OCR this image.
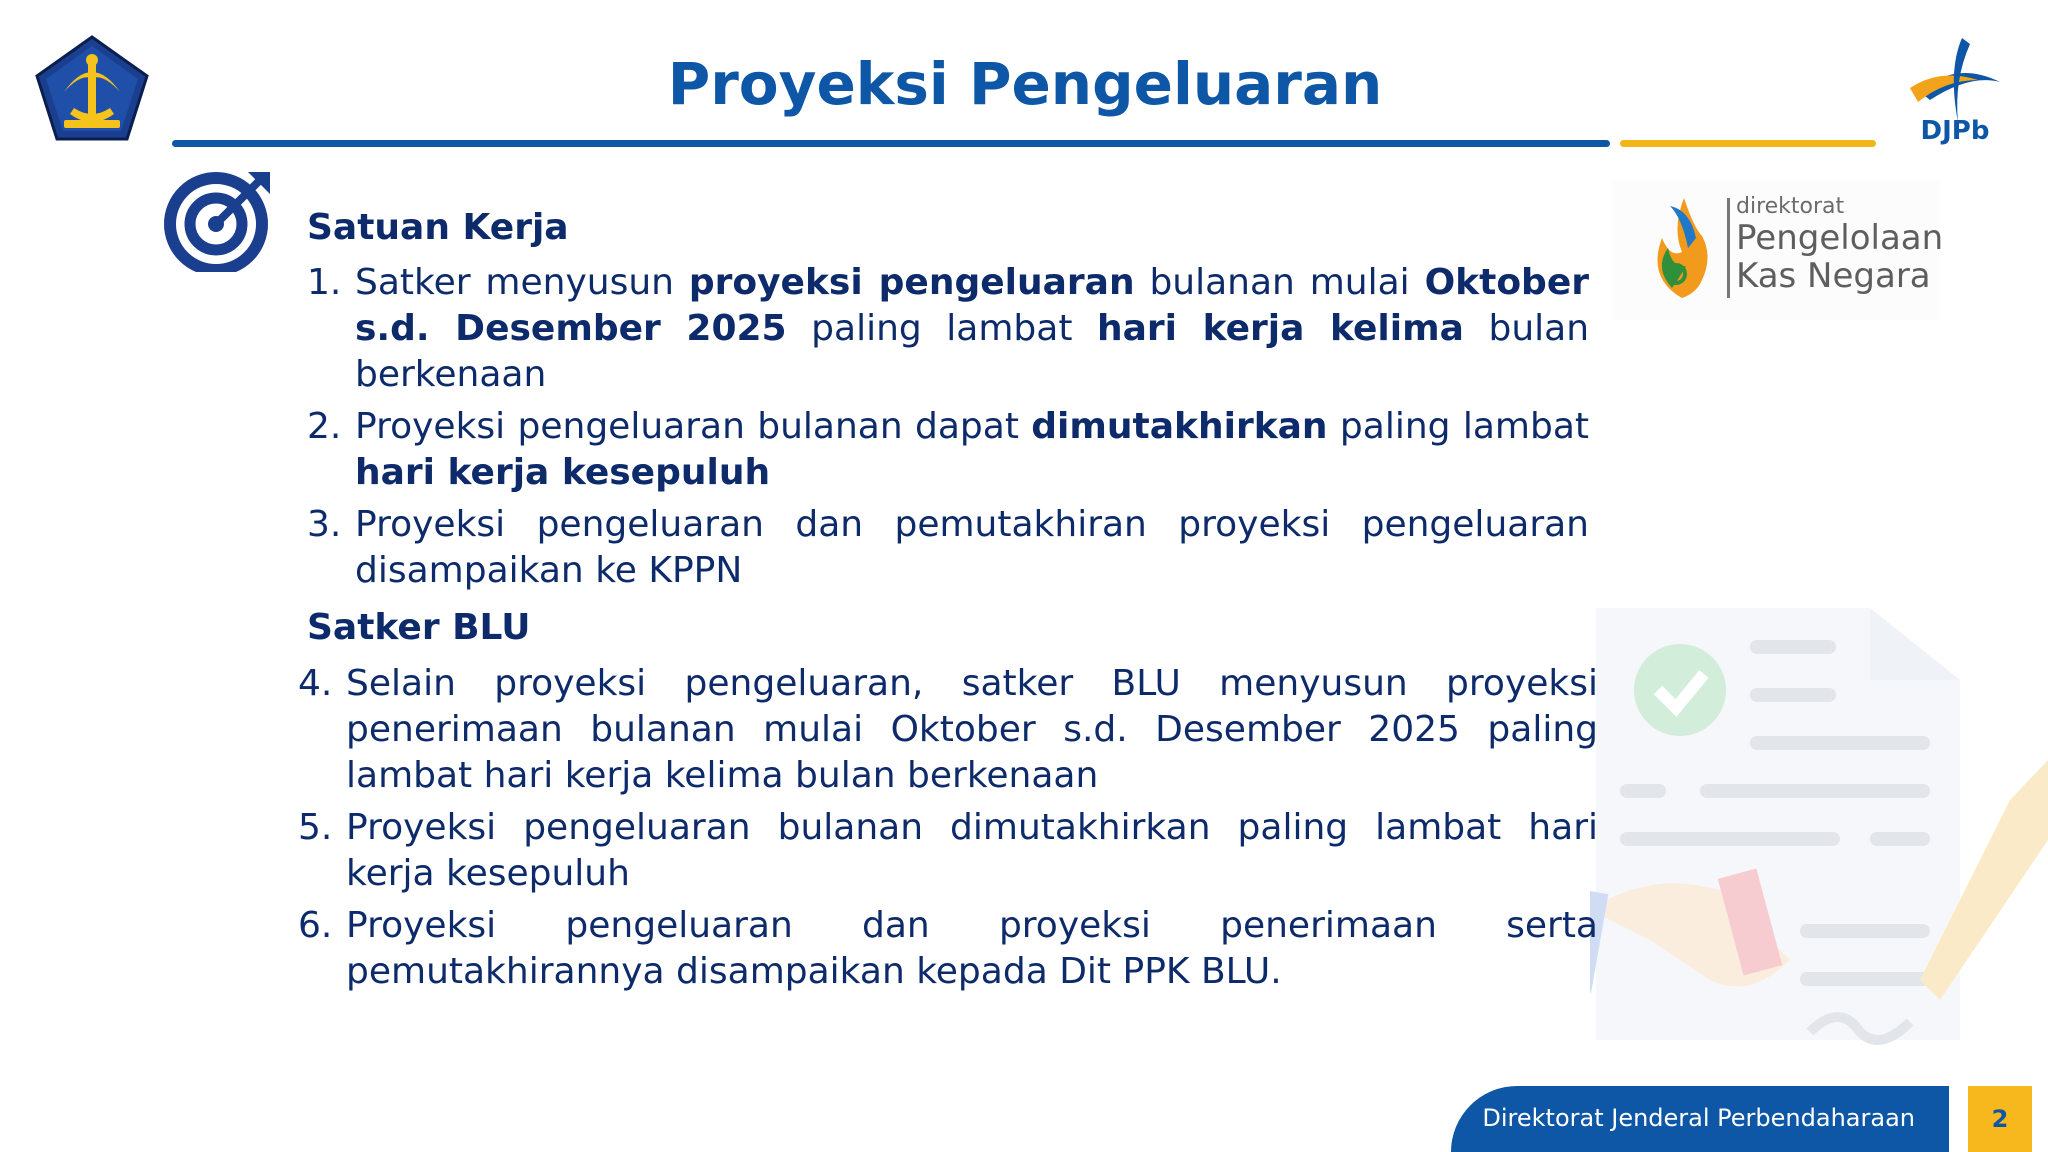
Proyeksi Pengeluaran
DJPb
direktorat
Pengelolaan
Kas Negara
Satuan Kerja
1. Satker menyusun proyeksi pengeluaran bulanan mulai Oktober s.d. Desember 2025 paling lambat hari kerja kelima bulan berkenaan
2. Proyeksi pengeluaran bulanan dapat dimutakhirkan paling lambat hari kerja kesepuluh
3. Proyeksi pengeluaran dan pemutakhiran proyeksi pengeluaran disampaikan ke KPPN
Satker BLU
4. Selain proyeksi pengeluaran, satker BLU menyusun proyeksi penerimaan bulanan mulai Oktober s.d. Desember 2025 paling lambat hari kerja kelima bulan berkenaan
5. Proyeksi pengeluaran bulanan dimutakhirkan paling lambat hari kerja kesepuluh
6. Proyeksi pengeluaran dan proyeksi penerimaan serta pemutakhirannya disampaikan kepada Dit PPK BLU.
Direktorat Jenderal Perbendaharaan	2
